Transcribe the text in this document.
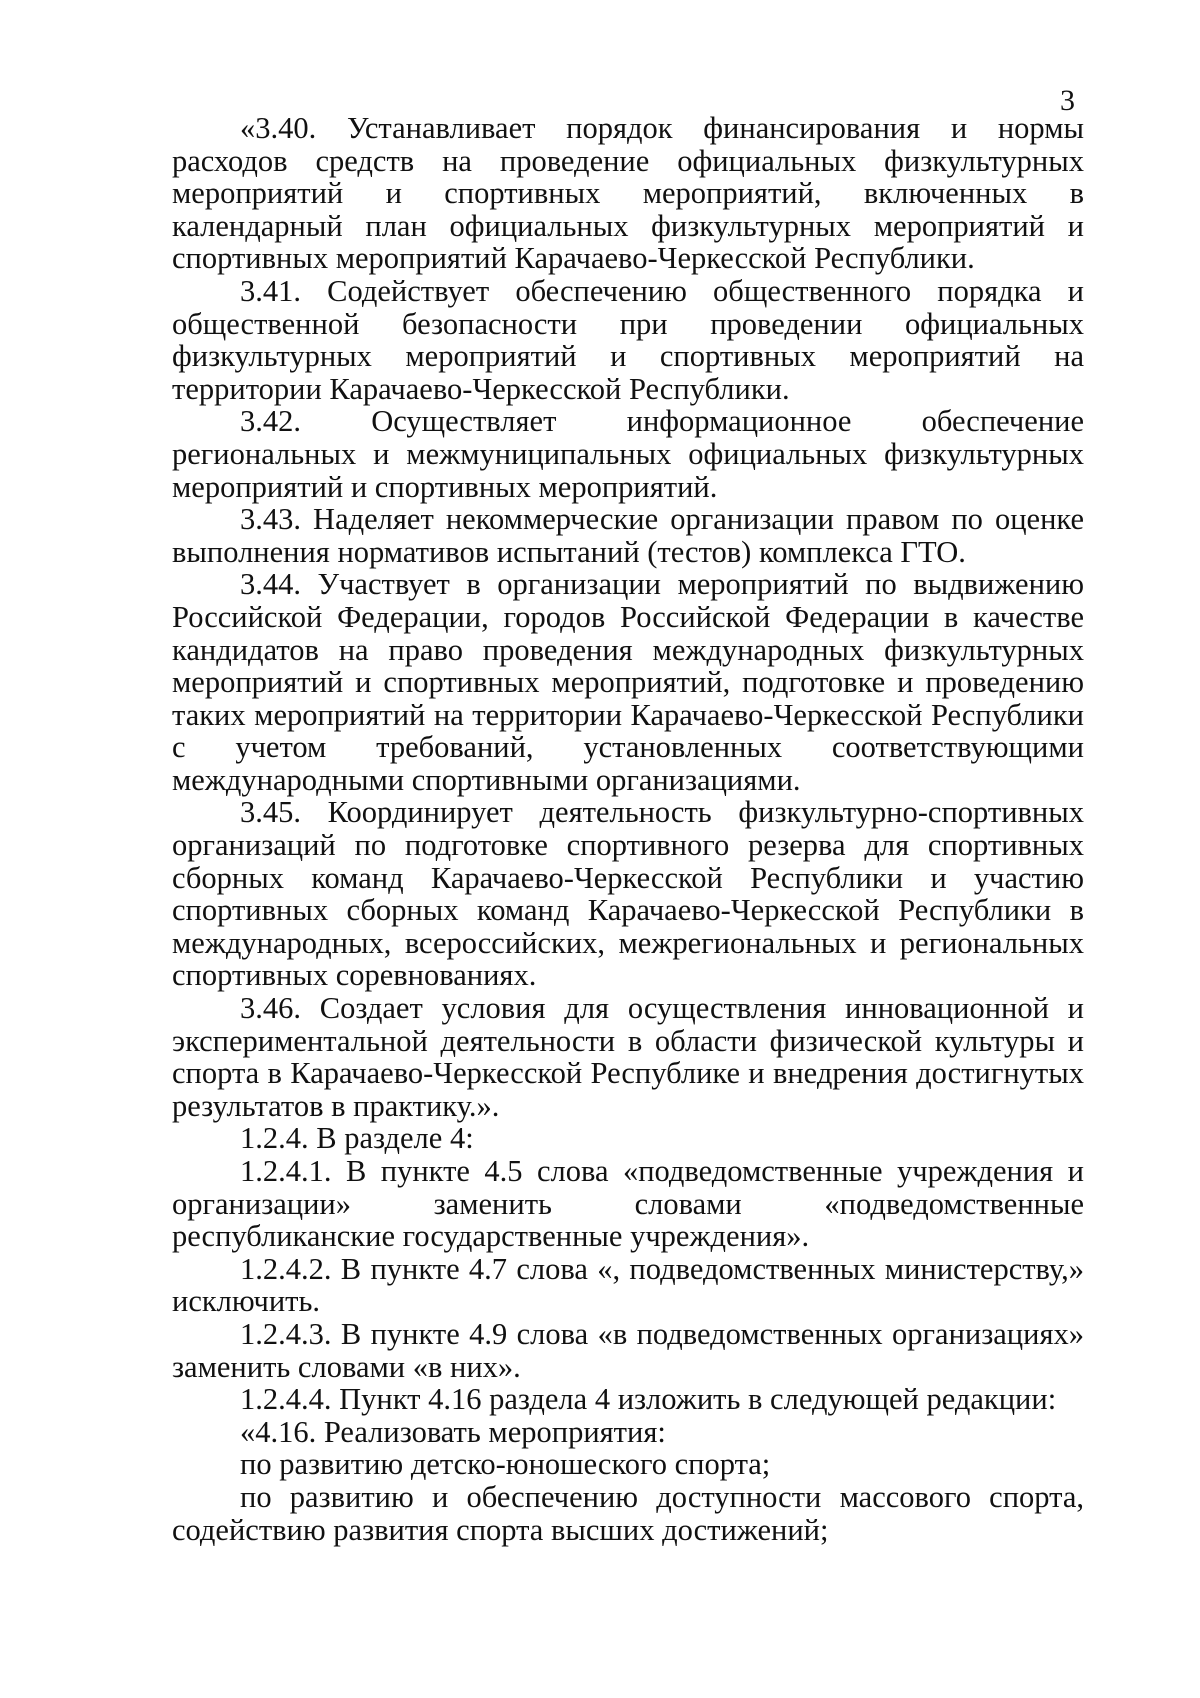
3

«3.40. Устанавливает порядок финансирования и нормы расходов средств на проведение официальных физкультурных мероприятий и спортивных мероприятий, включенных в календарный план официальных физкультурных мероприятий и спортивных мероприятий Карачаево-Черкесской Республики.

3.41. Содействует обеспечению общественного порядка и общественной безопасности при проведении официальных физкультурных мероприятий и спортивных мероприятий на территории Карачаево-Черкесской Республики.

3.42. Осуществляет информационное обеспечение региональных и межмуниципальных официальных физкультурных мероприятий и спортивных мероприятий.

3.43. Наделяет некоммерческие организации правом по оценке выполнения нормативов испытаний (тестов) комплекса ГТО.

3.44. Участвует в организации мероприятий по выдвижению Российской Федерации, городов Российской Федерации в качестве кандидатов на право проведения международных физкультурных мероприятий и спортивных мероприятий, подготовке и проведению таких мероприятий на территории Карачаево-Черкесской Республики с учетом требований, установленных соответствующими международными спортивными организациями.

3.45. Координирует деятельность физкультурно-спортивных организаций по подготовке спортивного резерва для спортивных сборных команд Карачаево-Черкесской Республики и участию спортивных сборных команд Карачаево-Черкесской Республики в международных, всероссийских, межрегиональных и региональных спортивных соревнованиях.

3.46. Создает условия для осуществления инновационной и экспериментальной деятельности в области физической культуры и спорта в Карачаево-Черкесской Республике и внедрения достигнутых результатов в практику.».

1.2.4. В разделе 4:

1.2.4.1. В пункте 4.5 слова «подведомственные учреждения и организации» заменить словами «подведомственные республиканские государственные учреждения».

1.2.4.2. В пункте 4.7 слова «, подведомственных министерству,» исключить.

1.2.4.3. В пункте 4.9 слова «в подведомственных организациях» заменить словами «в них».

1.2.4.4. Пункт 4.16 раздела 4 изложить в следующей редакции:

«4.16. Реализовать мероприятия:

по развитию детско-юношеского спорта;

по развитию и обеспечению доступности массового спорта, содействию развития спорта высших достижений;
